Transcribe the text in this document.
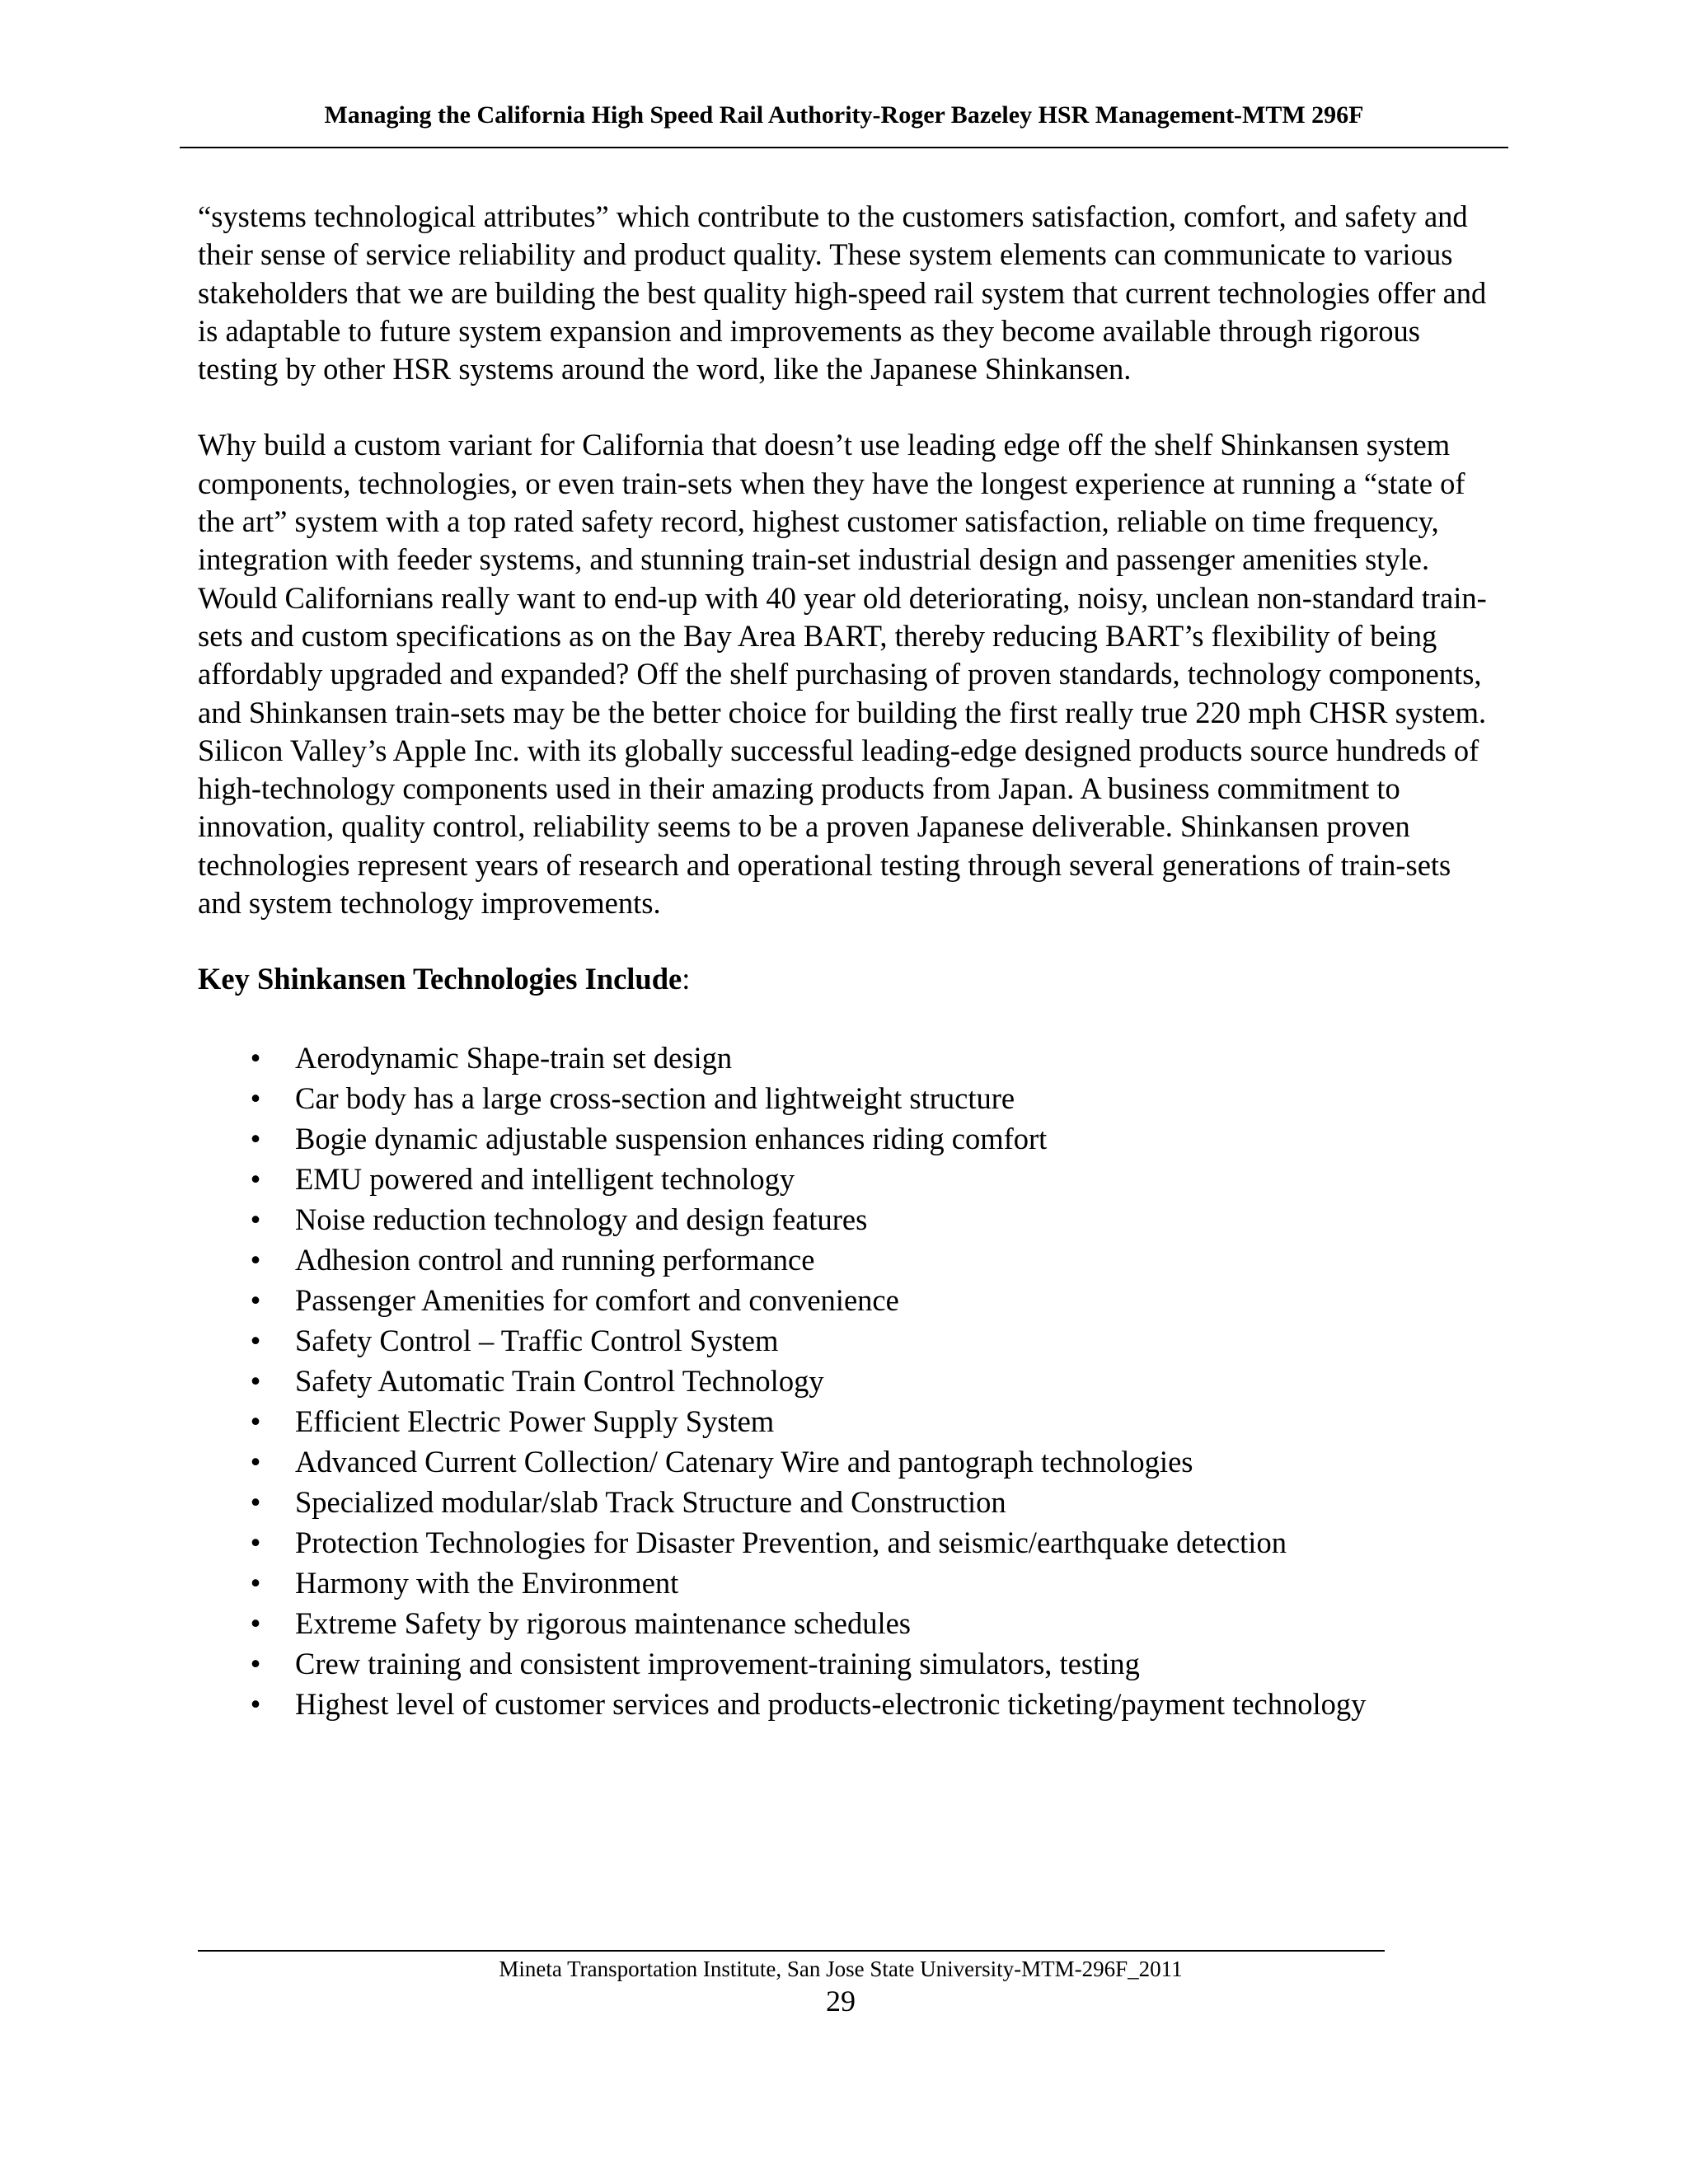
Managing the California High Speed Rail Authority-Roger Bazeley HSR Management-MTM 296F

“systems technological attributes” which contribute to the customers satisfaction, comfort, and safety and their sense of service reliability and product quality. These system elements can communicate to various stakeholders that we are building the best quality high-speed rail system that current technologies offer and is adaptable to future system expansion and improvements as they become available through rigorous testing by other HSR systems around the word, like the Japanese Shinkansen.

Why build a custom variant for California that doesn’t use leading edge off the shelf Shinkansen system components, technologies, or even train-sets when they have the longest experience at running a “state of the art” system with a top rated safety record, highest customer satisfaction, reliable on time frequency, integration with feeder systems, and stunning train-set industrial design and passenger amenities style. Would Californians really want to end-up with 40 year old deteriorating, noisy, unclean non-standard train-sets and custom specifications as on the Bay Area BART, thereby reducing BART’s flexibility of being affordably upgraded and expanded? Off the shelf purchasing of proven standards, technology components, and Shinkansen train-sets may be the better choice for building the first really true 220 mph CHSR system. Silicon Valley’s Apple Inc. with its globally successful leading-edge designed products source hundreds of high-technology components used in their amazing products from Japan. A business commitment to innovation, quality control, reliability seems to be a proven Japanese deliverable. Shinkansen proven technologies represent years of research and operational testing through several generations of train-sets and system technology improvements.

Key Shinkansen Technologies Include:

• Aerodynamic Shape-train set design
• Car body has a large cross-section and lightweight structure
• Bogie dynamic adjustable suspension enhances riding comfort
• EMU powered and intelligent technology
• Noise reduction technology and design features
• Adhesion control and running performance
• Passenger Amenities for comfort and convenience
• Safety Control – Traffic Control System
• Safety Automatic Train Control Technology
• Efficient Electric Power Supply System
• Advanced Current Collection/ Catenary Wire and pantograph technologies
• Specialized modular/slab Track Structure and Construction
• Protection Technologies for Disaster Prevention, and seismic/earthquake detection
• Harmony with the Environment
• Extreme Safety by rigorous maintenance schedules
• Crew training and consistent improvement-training simulators, testing
• Highest level of customer services and products-electronic ticketing/payment technology
Mineta Transportation Institute, San Jose State University-MTM-296F_2011
29
